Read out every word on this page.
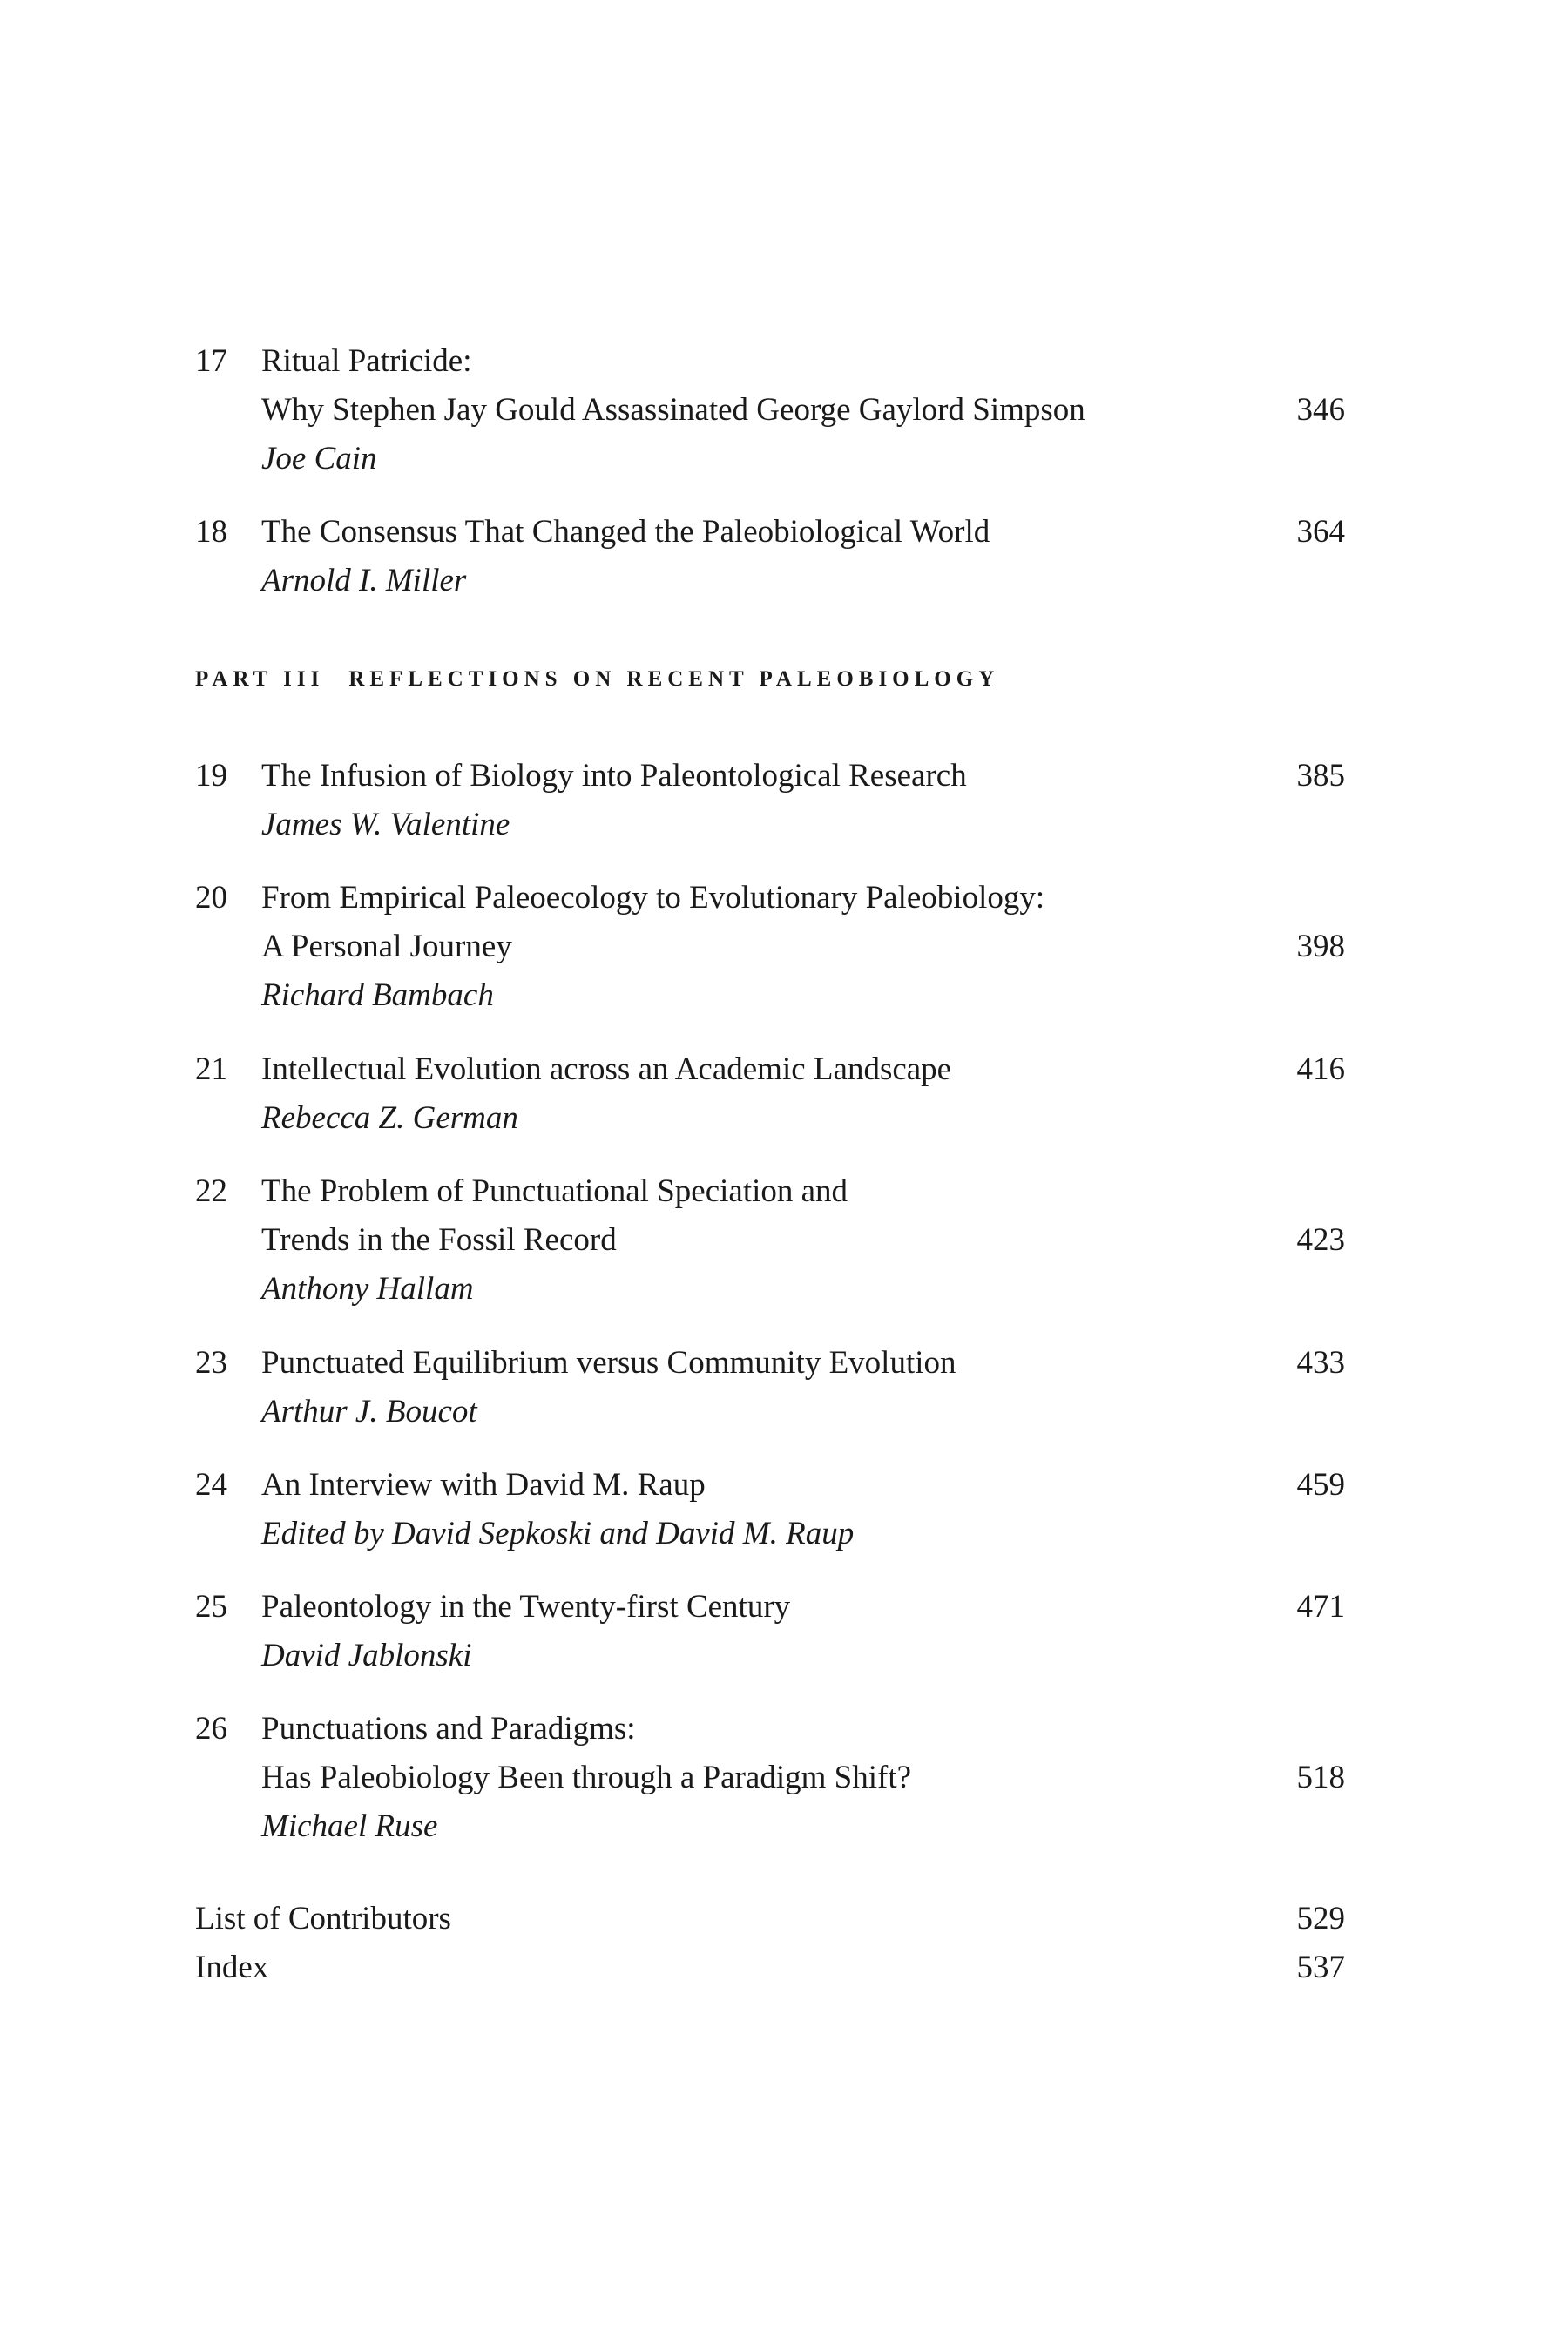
17 Ritual Patricide:
Why Stephen Jay Gould Assassinated George Gaylord Simpson	346
Joe Cain
18 The Consensus That Changed the Paleobiological World	364
Arnold I. Miller
PART III REFLECTIONS ON RECENT PALEOBIOLOGY
19 The Infusion of Biology into Paleontological Research	385
James W. Valentine
20 From Empirical Paleoecology to Evolutionary Paleobiology:
A Personal Journey	398
Richard Bambach
21 Intellectual Evolution across an Academic Landscape	416
Rebecca Z. German
22 The Problem of Punctuational Speciation and
Trends in the Fossil Record	423
Anthony Hallam
23 Punctuated Equilibrium versus Community Evolution	433
Arthur J. Boucot
24 An Interview with David M. Raup	459
Edited by David Sepkoski and David M. Raup
25 Paleontology in the Twenty-first Century	471
David Jablonski
26 Punctuations and Paradigms:
Has Paleobiology Been through a Paradigm Shift?	518
Michael Ruse
List of Contributors	529
Index	537
